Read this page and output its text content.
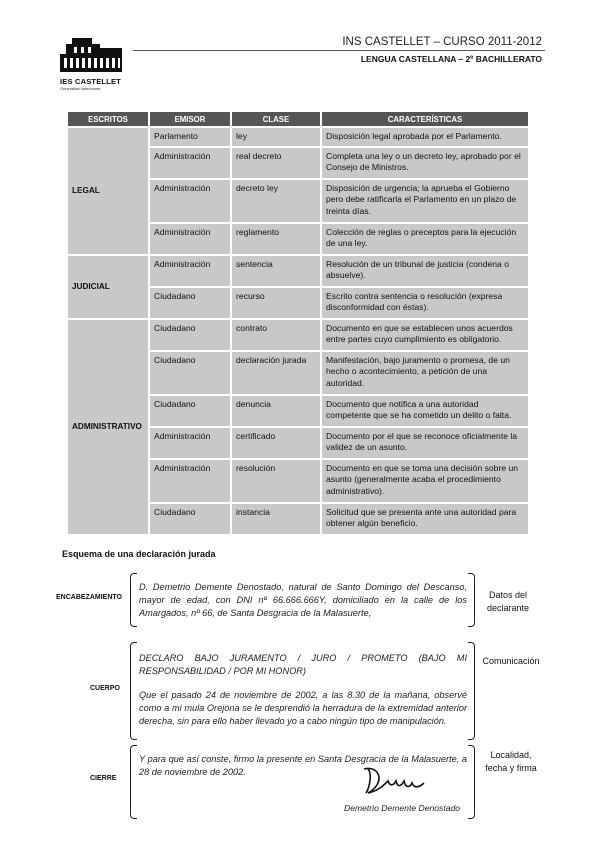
IES CASTELLET
Generalitat Valenciana
INS CASTELLET – CURSO 2011-2012
LENGUA CASTELLANA – 2º BACHILLERATO
ESCRITOS	EMISOR	CLASE	CARACTERÍSTICAS
LEGAL	Parlamento	ley	Disposición legal aprobada por el Parlamento.
	Administración	real decreto	Completa una ley o un decreto ley, aprobado por el Consejo de Ministros.
	Administración	decreto ley	Disposición de urgencia; la aprueba el Gobierno pero debe ratificarla el Parlamento en un plazo de treinta días.
	Administración	reglamento	Colección de reglas o preceptos para la ejecución de una ley.
JUDICIAL	Administración	sentencia	Resolución de un tribunal de justicia (condena o absuelve).
	Ciudadano	recurso	Escrito contra sentencia o resolución (expresa disconformidad con éstas).
ADMINISTRATIVO	Ciudadano	contrato	Documento en que se establecen unos acuerdos entre partes cuyo cumplimiento es obligatorio.
	Ciudadano	declaración jurada	Manifestación, bajo juramento o promesa, de un hecho o acontecimiento, a petición de una autoridad.
	Ciudadano	denuncia	Documento que notifica a una autoridad competente que se ha cometido un delito o falta.
	Administración	certificado	Documento por el que se reconoce oficialmente la validez de un asunto.
	Administración	resolución	Documento en que se toma una decisión sobre un asunto (generalmente acaba el procedimiento administrativo).
	Ciudadano	instancia	Solicitud que se presenta ante una autoridad para obtener algún beneficio.
Esquema de una declaración jurada
ENCABEZAMIENTO
D. Demetrio Demente Denostado, natural de Santo Domingo del Descanso, mayor de edad, con DNI nº 66.666.666Y, domiciliado en la calle de los Amargados, nº 66, de Santa Desgracia de la Malasuerte,
Datos del
declarante
CUERPO
DECLARO BAJO JURAMENTO / JURO / PROMETO (BAJO MI RESPONSABILIDAD / POR MI HONOR)
Que el pasado 24 de noviembre de 2002, a las 8.30 de la mañana, observé como a mi mula Orejona se le desprendió la herradura de la extremidad anterior derecha, sin para ello haber llevado yo a cabo ningún tipo de manipulación.
Comunicación
CIERRE
Y para que así conste, firmo la presente en Santa Desgracia de la Malasuerte, a 28 de noviembre de 2002.
Demetrio Demente Denostado
Localidad,
fecha y firma
